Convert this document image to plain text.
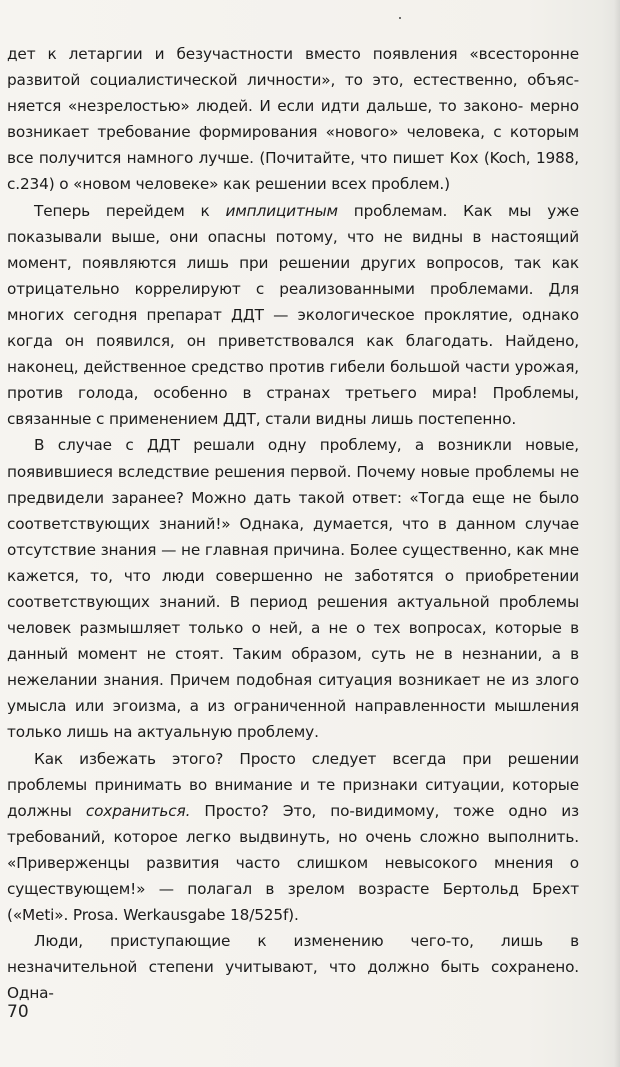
дет к летаргии и безучастности вместо появления «всесторонне развитой социалистической личности», то это, естественно, объяс- няется «незрелостью» людей. И если идти дальше, то законо- мерно возникает требование формирования «нового» человека, с которым все получится намного лучше. (Почитайте, что пишет Кох (Koch, 1988, с.234) о «новом человеке» как решении всех проблем.)

Теперь перейдем к имплицитным проблемам. Как мы уже показывали выше, они опасны потому, что не видны в настоящий момент, появляются лишь при решении других вопросов, так как отрицательно коррелируют с реализованными проблемами. Для многих сегодня препарат ДДТ — экологическое проклятие, однако когда он появился, он приветствовался как благодать. Найдено, наконец, действенное средство против гибели большой части урожая, против голода, особенно в странах третьего мира! Проблемы, связанные с применением ДДТ, стали видны лишь постепенно.

В случае с ДДТ решали одну проблему, а возникли новые, появившиеся вследствие решения первой. Почему новые проблемы не предвидели заранее? Можно дать такой ответ: «Тогда еще не было соответствующих знаний!» Однака, думается, что в данном случае отсутствие знания — не главная причина. Более существенно, как мне кажется, то, что люди совершенно не заботятся о приобретении соответствующих знаний. В период решения актуальной проблемы человек размышляет только о ней, а не о тех вопросах, которые в данный момент не стоят. Таким образом, суть не в незнании, а в нежелании знания. Причем подобная ситуация возникает не из злого умысла или эгоизма, а из ограниченной направленности мышления только лишь на актуальную проблему.

Как избежать этого? Просто следует всегда при решении проблемы принимать во внимание и те признаки ситуации, которые должны сохраниться. Просто? Это, по-видимому, тоже одно из требований, которое легко выдвинуть, но очень сложно выполнить. «Приверженцы развития часто слишком невысокого мнения о существующем!» — полагал в зрелом возрасте Бертольд Брехт («Meti». Prosa. Werkausgabe 18/525f).

Люди, приступающие к изменению чего-то, лишь в незначительной степени учитывают, что должно быть сохранено. Одна-

70
